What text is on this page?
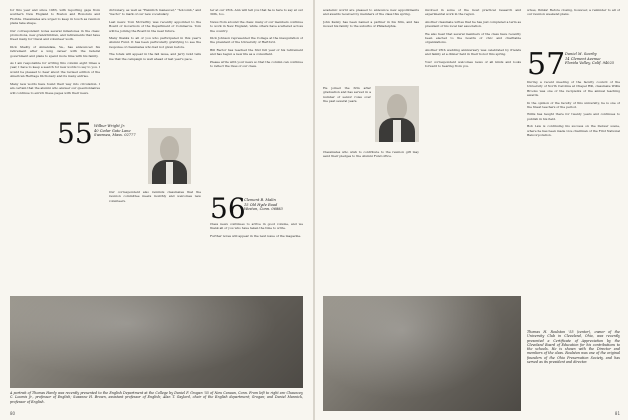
for this year and since 1983, with reporting gaps from southern New England to Boston and Honolulu and Florida. Classmates are urged to keep in touch as reunion plans take shape.

Our correspondent notes several milestones in the class: promotions, new grandchildren, and retirements that have freed many for travel and volunteer work.

Dick Shelby of Annandale, Va., has announced his retirement after a long career with the federal government and plans to spend more time with his family.

As I am responsible for writing this column eight times a year, I have to keep a search for new words to say to you. I would be pleased to hear about the revised edition of the American Heritage Dictionary and its many entries.

Many new words have found their way into circulation. I am certain that the alumni who answer our questionnaires will continue to enrich these pages with their news.

dictionary, as well as "Heimlich maneuver," "hotcomb," and "nacho" to mark of our new vocabulary.

Last news: Tom McCarthy was recently appointed to the Board of Governors of the Department of Commerce. Tom will be joining the Board in the near future.

Many thanks to all of you who participated in this year's Alumni Fund. It has been particularly gratifying to see the response of classmates who had not given before.

The totals will appear in the fall issue, and Jerry Gold tells me that the campaign is well ahead of last year's pace.

ter at our 25th. Ann will tell you that he is here to say at our 30th, too.

News from around the class: many of our members continue to work in New England, while others have scattered across the country.

Dick Johnson represented the College at the inauguration of the president of the University of Hartford.

Bill Rector has reached the first full year of his retirement and has begun a new life as a consultant.

Please write with your news so that the column can continue to reflect the lives of our class.

55 Wilbur Wright Jr.
40 Cedar Gate Lane
Swansea, Mass. 02777

Our correspondent also reminds classmates that the reunion committee meets monthly and welcomes new volunteers.	56
Clement B. Malin
15 Old Hyde Road
Weston, Conn. 06883

Class news continues to arrive in good volume, and we thank all of you who have taken the time to write.

Further notes will appear in the next issue of the magazine.

A portrait of Thomas Hardy was recently presented to the English Department at the College by Daniel F. Grogan '55 of New Canaan, Conn. From left to right are Chauncey C. Loomis Jr., professor of English; Susanne H. Brown, assistant professor of English; Alan T. Gaylord, chair of the English department; Grogan; and Daniel Mannick, professor of English.
80

academic world are pleased to announce new appointments and awards received by members of the class this spring.

John Kenny has been named a partner in his firm, and has moved his family to the suburbs of Philadelphia.

He joined the firm after graduation and has served in a number of senior roles over the past several years.

Classmates who wish to contribute to the reunion gift may send their pledges to the Alumni Fund office.

involved in some of the most practical research and experimental work in the region.

Another classmate writes that he has just completed a term as president of his local bar association.

We also hear that several members of the class have recently been elected to the boards of civic and charitable organizations.

Another 25th wedding anniversary was celebrated by friends and family at a dinner held in their honor this spring.

Your correspondent welcomes news of all kinds and looks forward to hearing from you.

wives, thinks! Before closing, however, a reminder to all of our reunion weekend plans.

57 Daniel M. Searby
14 Clement Avenue
Florida Valley, Calif. 94025

During a recent meeting of the faculty council of the University of North Carolina at Chapel Hill, classmate Willis Brooks was one of the recipients of the annual teaching awards.

In the opinion of the faculty of this university, he is one of the finest teachers of the period.

Willis has taught there for twenty years and continues to publish in his field.

Bob Law is continuing his success on the Denver scene, where he has been made vice chairman of the First National Bancorporation.

Thomas H. Roulston '55 (center), owner of the University Club in Cleveland, Ohio, was recently presented a Certificate of Appreciation by the Cleveland Board of Education for his contributions to the schools. He is shown with the Director and members of the class. Roulston was one of the original founders of the Ohio Preservation Society, and has served as its president and director.
81
